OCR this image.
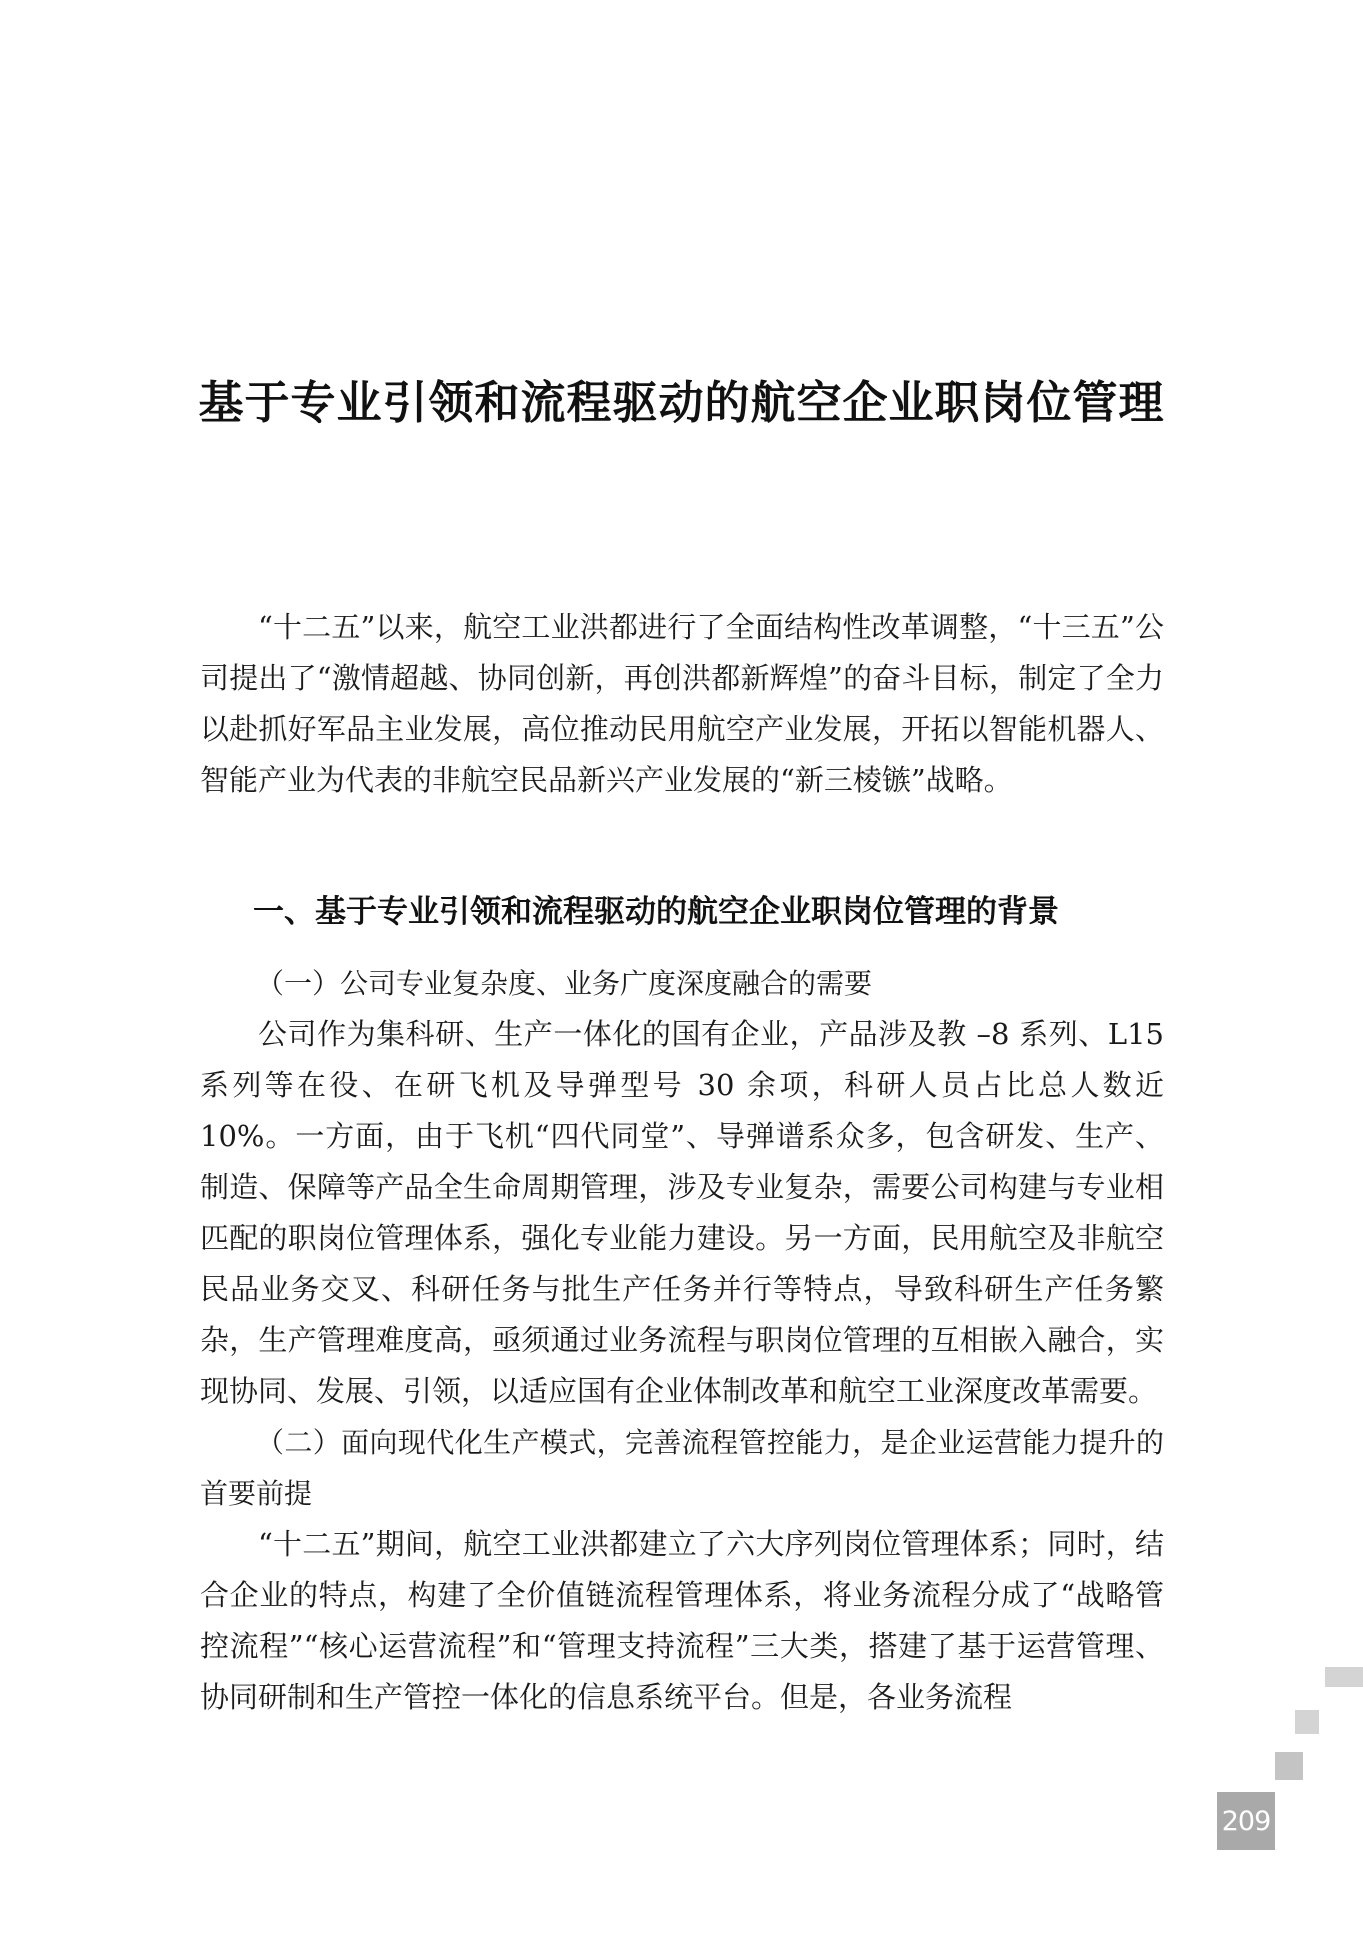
基于专业引领和流程驱动的航空企业职岗位管理

“十二五”以来，航空工业洪都进行了全面结构性改革调整，“十三五”公司提出了“激情超越、协同创新，再创洪都新辉煌”的奋斗目标，制定了全力以赴抓好军品主业发展，高位推动民用航空产业发展，开拓以智能机器人、智能产业为代表的非航空民品新兴产业发展的“新三棱镞”战略。

一、基于专业引领和流程驱动的航空企业职岗位管理的背景

（一）公司专业复杂度、业务广度深度融合的需要

公司作为集科研、生产一体化的国有企业，产品涉及教 –8 系列、L15 系列等在役、在研飞机及导弹型号 30 余项，科研人员占比总人数近 10%。一方面，由于飞机“四代同堂”、导弹谱系众多，包含研发、生产、制造、保障等产品全生命周期管理，涉及专业复杂，需要公司构建与专业相匹配的职岗位管理体系，强化专业能力建设。另一方面，民用航空及非航空民品业务交叉、科研任务与批生产任务并行等特点，导致科研生产任务繁杂，生产管理难度高，亟须通过业务流程与职岗位管理的互相嵌入融合，实现协同、发展、引领，以适应国有企业体制改革和航空工业深度改革需要。

（二）面向现代化生产模式，完善流程管控能力，是企业运营能力提升的首要前提

“十二五”期间，航空工业洪都建立了六大序列岗位管理体系；同时，结合企业的特点，构建了全价值链流程管理体系，将业务流程分成了“战略管控流程”“核心运营流程”和“管理支持流程”三大类，搭建了基于运营管理、协同研制和生产管控一体化的信息系统平台。但是，各业务流程

209
